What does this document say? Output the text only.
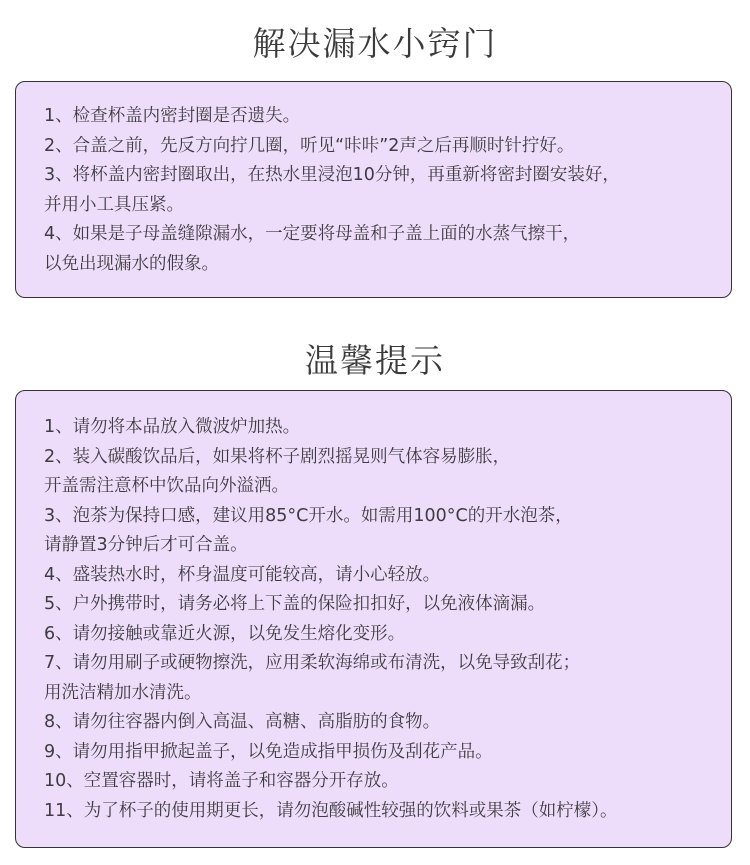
解决漏水小窍门
1、检查杯盖内密封圈是否遗失。
2、合盖之前，先反方向拧几圈，听见“咔咔”2声之后再顺时针拧好。
3、将杯盖内密封圈取出，在热水里浸泡10分钟，再重新将密封圈安装好，
并用小工具压紧。
4、如果是子母盖缝隙漏水，一定要将母盖和子盖上面的水蒸气擦干，
以免出现漏水的假象。
温馨提示
1、请勿将本品放入微波炉加热。
2、装入碳酸饮品后，如果将杯子剧烈摇晃则气体容易膨胀，
开盖需注意杯中饮品向外溢洒。
3、泡茶为保持口感，建议用85°C开水。如需用100°C的开水泡茶，
请静置3分钟后才可合盖。
4、盛装热水时，杯身温度可能较高，请小心轻放。
5、户外携带时，请务必将上下盖的保险扣扣好，以免液体滴漏。
6、请勿接触或靠近火源，以免发生熔化变形。
7、请勿用刷子或硬物擦洗，应用柔软海绵或布清洗，以免导致刮花；
用洗洁精加水清洗。
8、请勿往容器内倒入高温、高糖、高脂肪的食物。
9、请勿用指甲掀起盖子，以免造成指甲损伤及刮花产品。
10、空置容器时，请将盖子和容器分开存放。
11、为了杯子的使用期更长，请勿泡酸碱性较强的饮料或果茶（如柠檬）。
